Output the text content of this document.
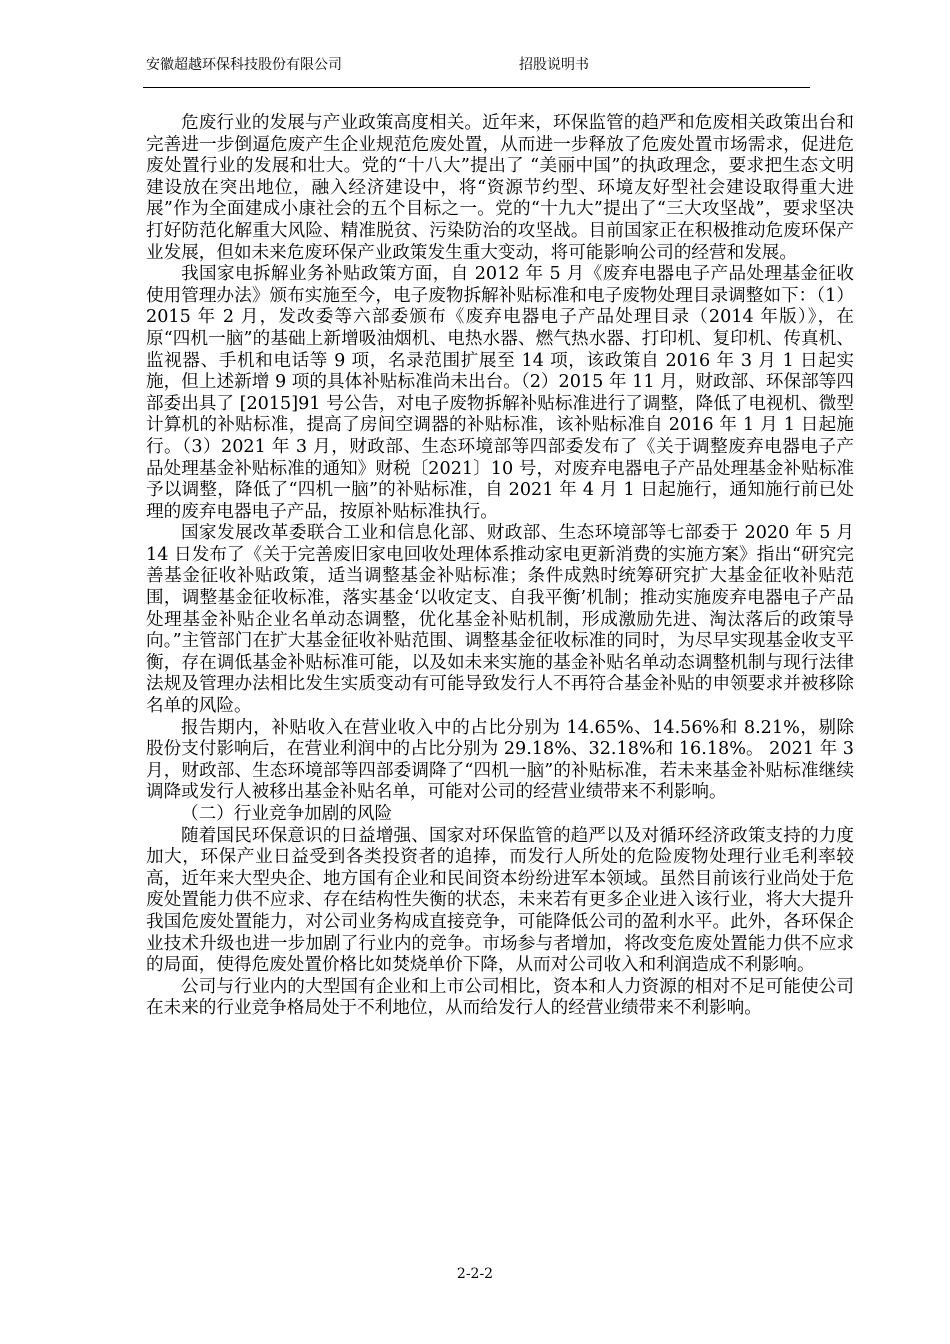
安徽超越环保科技股份有限公司	招股说明书

危废行业的发展与产业政策高度相关。近年来，环保监管的趋严和危废相关政策出台和完善进一步倒逼危废产生企业规范危废处置，从而进一步释放了危废处置市场需求，促进危废处置行业的发展和壮大。党的“十八大”提出了 “美丽中国”的执政理念，要求把生态文明建设放在突出地位，融入经济建设中，将“资源节约型、环境友好型社会建设取得重大进展”作为全面建成小康社会的五个目标之一。党的“十九大”提出了“三大攻坚战”，要求坚决打好防范化解重大风险、精准脱贫、污染防治的攻坚战。目前国家正在积极推动危废环保产业发展，但如未来危废环保产业政策发生重大变动，将可能影响公司的经营和发展。

我国家电拆解业务补贴政策方面，自 2012 年 5 月《废弃电器电子产品处理基金征收使用管理办法》颁布实施至今，电子废物拆解补贴标准和电子废物处理目录调整如下：（1）2015 年 2 月，发改委等六部委颁布《废弃电器电子产品处理目录（2014 年版）》，在原“四机一脑”的基础上新增吸油烟机、电热水器、燃气热水器、打印机、复印机、传真机、监视器、手机和电话等 9 项，名录范围扩展至 14 项，该政策自 2016 年 3 月 1 日起实施，但上述新增 9 项的具体补贴标准尚未出台。（2）2015 年 11 月，财政部、环保部等四部委出具了 [2015]91 号公告，对电子废物拆解补贴标准进行了调整，降低了电视机、微型计算机的补贴标准，提高了房间空调器的补贴标准，该补贴标准自 2016 年 1 月 1 日起施行。（3）2021 年 3 月，财政部、生态环境部等四部委发布了《关于调整废弃电器电子产品处理基金补贴标准的通知》财税〔2021〕10 号，对废弃电器电子产品处理基金补贴标准予以调整，降低了“四机一脑”的补贴标准，自 2021 年 4 月 1 日起施行，通知施行前已处理的废弃电器电子产品，按原补贴标准执行。

国家发展改革委联合工业和信息化部、财政部、生态环境部等七部委于 2020 年 5 月 14 日发布了《关于完善废旧家电回收处理体系推动家电更新消费的实施方案》指出“研究完善基金征收补贴政策，适当调整基金补贴标准；条件成熟时统筹研究扩大基金征收补贴范围，调整基金征收标准，落实基金‘以收定支、自我平衡’机制；推动实施废弃电器电子产品处理基金补贴企业名单动态调整，优化基金补贴机制，形成激励先进、淘汰落后的政策导向。”主管部门在扩大基金征收补贴范围、调整基金征收标准的同时，为尽早实现基金收支平衡，存在调低基金补贴标准可能，以及如未来实施的基金补贴名单动态调整机制与现行法律法规及管理办法相比发生实质变动有可能导致发行人不再符合基金补贴的申领要求并被移除名单的风险。

报告期内，补贴收入在营业收入中的占比分别为 14.65%、14.56%和 8.21%，剔除股份支付影响后，在营业利润中的占比分别为 29.18%、32.18%和 16.18%。 2021 年 3 月，财政部、生态环境部等四部委调降了“四机一脑”的补贴标准，若未来基金补贴标准继续调降或发行人被移出基金补贴名单，可能对公司的经营业绩带来不利影响。

（二）行业竞争加剧的风险

随着国民环保意识的日益增强、国家对环保监管的趋严以及对循环经济政策支持的力度加大，环保产业日益受到各类投资者的追捧，而发行人所处的危险废物处理行业毛利率较高，近年来大型央企、地方国有企业和民间资本纷纷进军本领域。虽然目前该行业尚处于危废处置能力供不应求、存在结构性失衡的状态，未来若有更多企业进入该行业，将大大提升我国危废处置能力，对公司业务构成直接竞争，可能降低公司的盈利水平。此外，各环保企业技术升级也进一步加剧了行业内的竞争。市场参与者增加，将改变危废处置能力供不应求的局面，使得危废处置价格比如焚烧单价下降，从而对公司收入和利润造成不利影响。

公司与行业内的大型国有企业和上市公司相比，资本和人力资源的相对不足可能使公司在未来的行业竞争格局处于不利地位，从而给发行人的经营业绩带来不利影响。

2-2-2
